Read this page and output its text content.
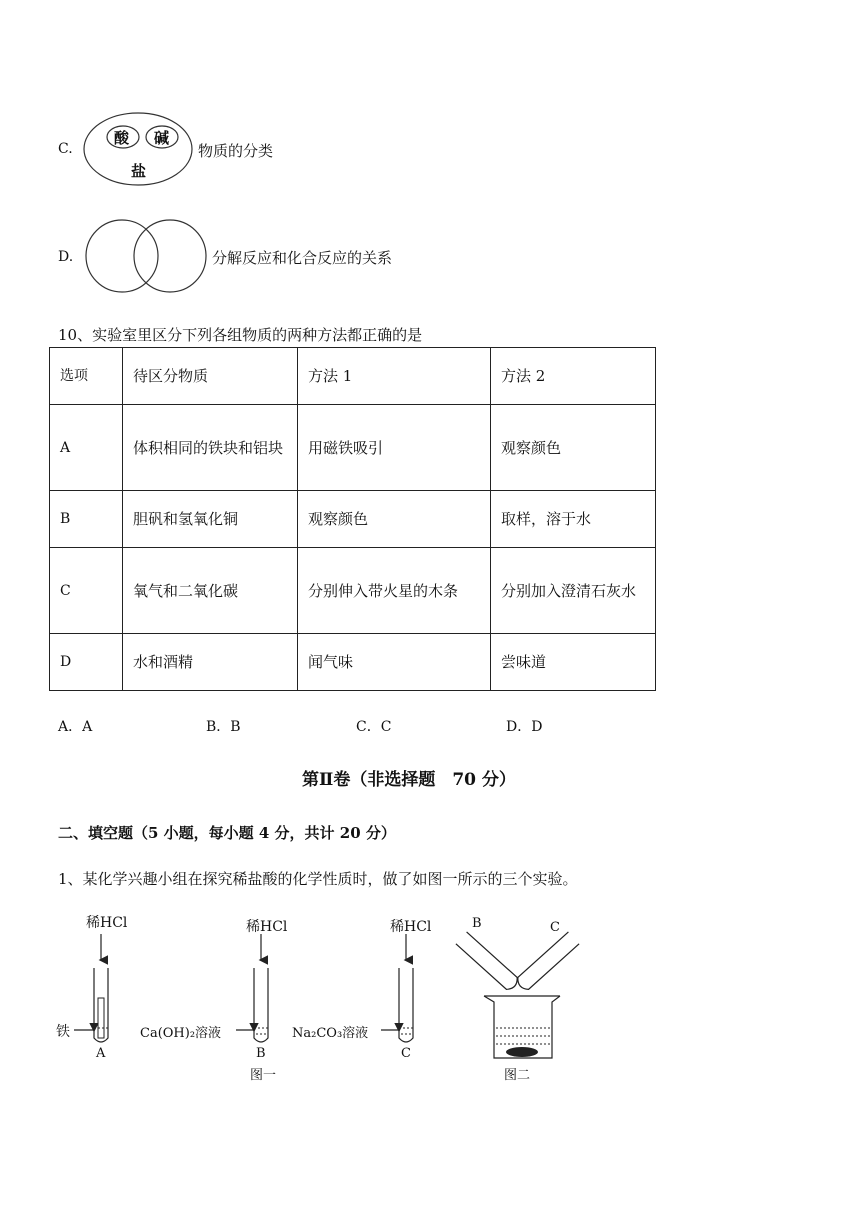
C.
酸 碱
盐
物质的分类
D.	分解反应和化合反应的关系
10、实验室里区分下列各组物质的两种方法都正确的是
选项	待区分物质	方法 1	方法 2
A	体积相同的铁块和铝块	用磁铁吸引	观察颜色
B	胆矾和氢氧化铜	观察颜色	取样，溶于水
C	氧气和二氧化碳	分别伸入带火星的木条	分别加入澄清石灰水
D	水和酒精	闻气味	尝味道
A．A	B．B	C．C	D．D
第Ⅱ卷（非选择题　70 分）
二、填空题（5 小题，每小题 4 分，共计 20 分）
1、某化学兴趣小组在探究稀盐酸的化学性质时，做了如图一所示的三个实验。
稀HCl	稀HCl	稀HCl
铁	Ca(OH)₂溶液	Na₂CO₃溶液
A	B	C
图一	图二
B	C
